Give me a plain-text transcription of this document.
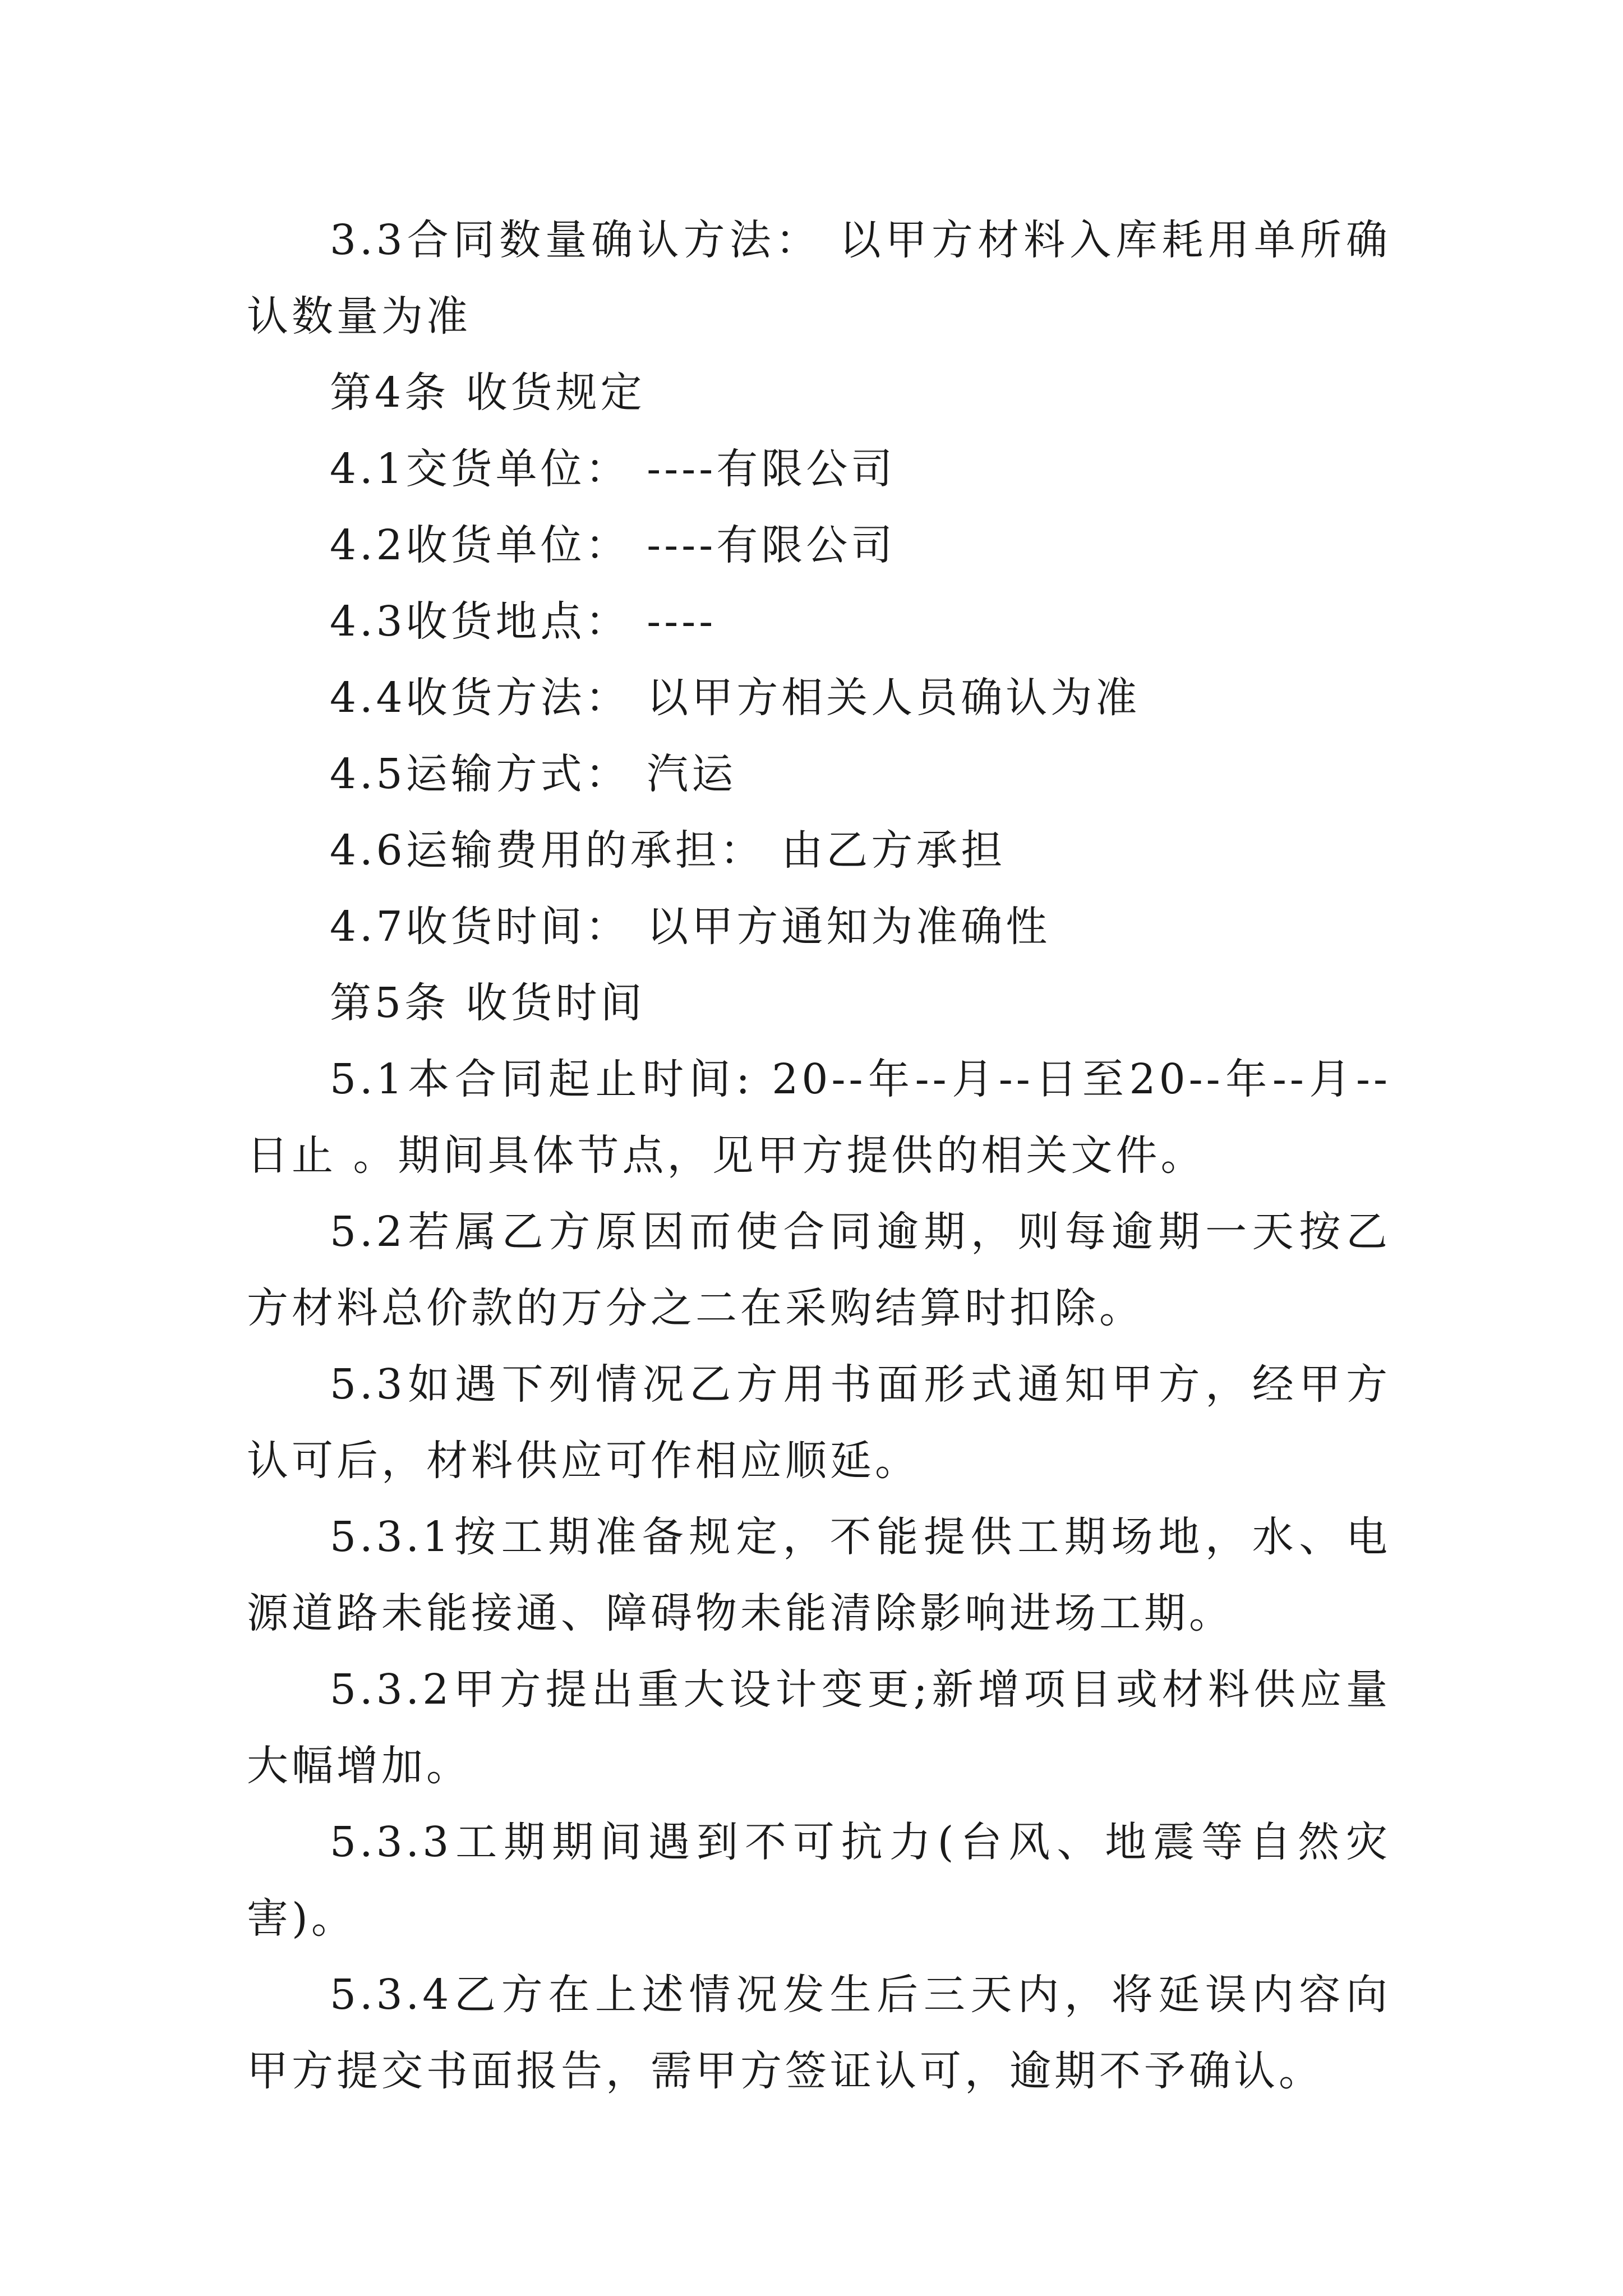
3.3合同数量确认方法： 以甲方材料入库耗用单所确认数量为准

第4条 收货规定

4.1交货单位： ----有限公司

4.2收货单位： ----有限公司

4.3收货地点： ----

4.4收货方法： 以甲方相关人员确认为准

4.5运输方式： 汽运

4.6运输费用的承担： 由乙方承担

4.7收货时间： 以甲方通知为准确性

第5条 收货时间

5.1本合同起止时间: 20--年--月--日至20--年--月--日止 。期间具体节点，见甲方提供的相关文件。

5.2若属乙方原因而使合同逾期，则每逾期一天按乙方材料总价款的万分之二在采购结算时扣除。

5.3如遇下列情况乙方用书面形式通知甲方，经甲方认可后，材料供应可作相应顺延。

5.3.1按工期准备规定，不能提供工期场地，水、电源道路未能接通、障碍物未能清除影响进场工期。

5.3.2甲方提出重大设计变更;新增项目或材料供应量大幅增加。

5.3.3工期期间遇到不可抗力(台风、地震等自然灾害)。

5.3.4乙方在上述情况发生后三天内，将延误内容向甲方提交书面报告，需甲方签证认可，逾期不予确认。
